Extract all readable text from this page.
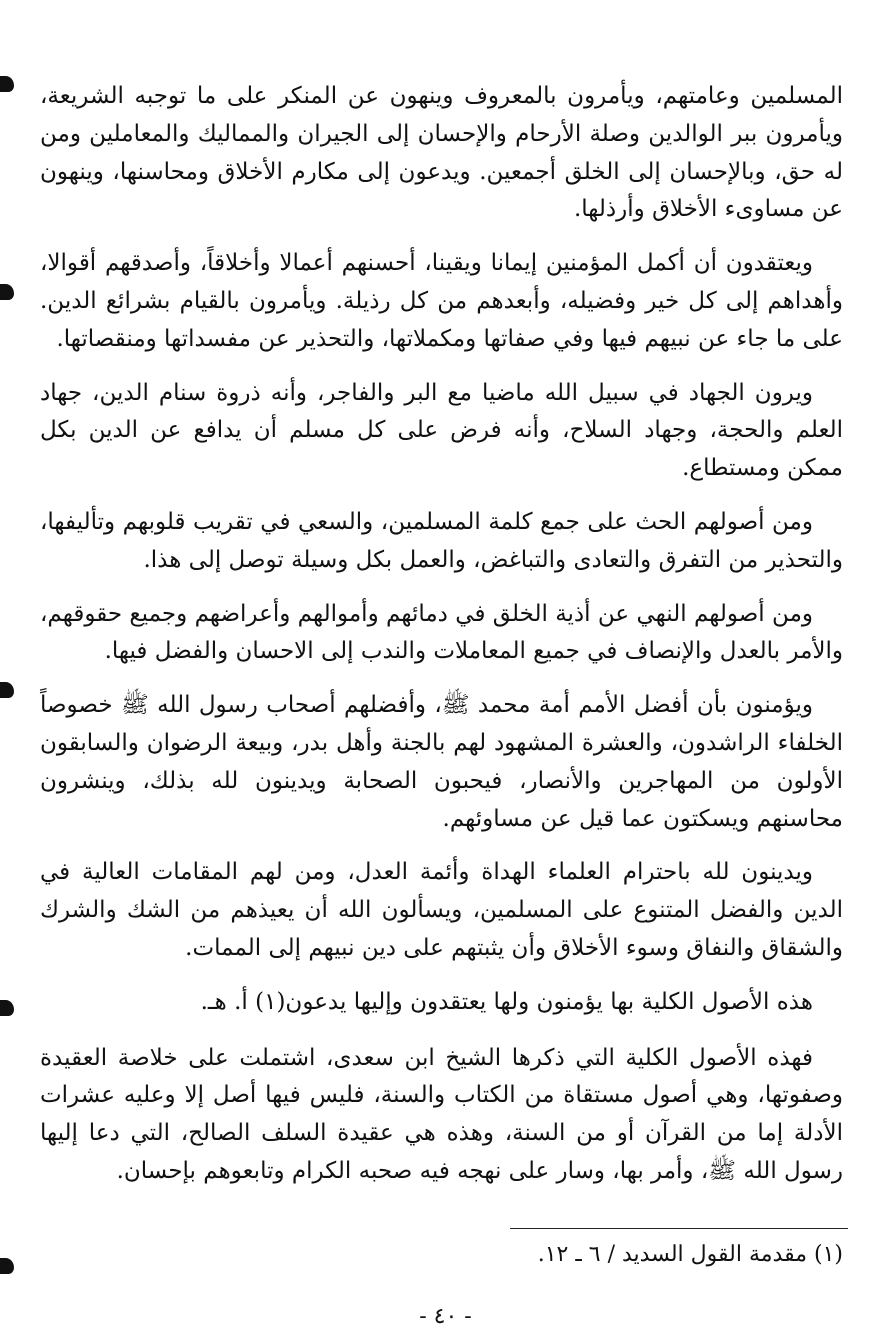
المسلمين وعامتهم، ويأمرون بالمعروف وينهون عن المنكر على ما توجبه الشريعة، ويأمرون ببر الوالدين وصلة الأرحام والإحسان إلى الجيران والمماليك والمعاملين ومن له حق، وبالإحسان إلى الخلق أجمعين. ويدعون إلى مكارم الأخلاق ومحاسنها، وينهون عن مساوىء الأخلاق وأرذلها.

ويعتقدون أن أكمل المؤمنين إيمانا ويقينا، أحسنهم أعمالا وأخلاقاً، وأصدقهم أقوالا، وأهداهم إلى كل خير وفضيله، وأبعدهم من كل رذيلة. ويأمرون بالقيام بشرائع الدين. على ما جاء عن نبيهم فيها وفي صفاتها ومكملاتها، والتحذير عن مفسداتها ومنقصاتها.

ويرون الجهاد في سبيل الله ماضيا مع البر والفاجر، وأنه ذروة سنام الدين، جهاد العلم والحجة، وجهاد السلاح، وأنه فرض على كل مسلم أن يدافع عن الدين بكل ممكن ومستطاع.

ومن أصولهم الحث على جمع كلمة المسلمين، والسعي في تقريب قلوبهم وتأليفها، والتحذير من التفرق والتعادى والتباغض، والعمل بكل وسيلة توصل إلى هذا.

ومن أصولهم النهي عن أذية الخلق في دمائهم وأموالهم وأعراضهم وجميع حقوقهم، والأمر بالعدل والإنصاف في جميع المعاملات والندب إلى الاحسان والفضل فيها.

ويؤمنون بأن أفضل الأمم أمة محمد ﷺ، وأفضلهم أصحاب رسول الله ﷺ خصوصاً الخلفاء الراشدون، والعشرة المشهود لهم بالجنة وأهل بدر، وبيعة الرضوان والسابقون الأولون من المهاجرين والأنصار، فيحبون الصحابة ويدينون لله بذلك، وينشرون محاسنهم ويسكتون عما قيل عن مساوئهم.

ويدينون لله باحترام العلماء الهداة وأئمة العدل، ومن لهم المقامات العالية في الدين والفضل المتنوع على المسلمين، ويسألون الله أن يعيذهم من الشك والشرك والشقاق والنفاق وسوء الأخلاق وأن يثبتهم على دين نبيهم إلى الممات.

هذه الأصول الكلية بها يؤمنون ولها يعتقدون وإليها يدعون(١) أ. هـ.

فهذه الأصول الكلية التي ذكرها الشيخ ابن سعدى، اشتملت على خلاصة العقيدة وصفوتها، وهي أصول مستقاة من الكتاب والسنة، فليس فيها أصل إلا وعليه عشرات الأدلة إما من القرآن أو من السنة، وهذه هي عقيدة السلف الصالح، التي دعا إليها رسول الله ﷺ، وأمر بها، وسار على نهجه فيه صحبه الكرام وتابعوهم بإحسان.

(١) مقدمة القول السديد / ٦ ـ ١٢.
- ٤٠ -
